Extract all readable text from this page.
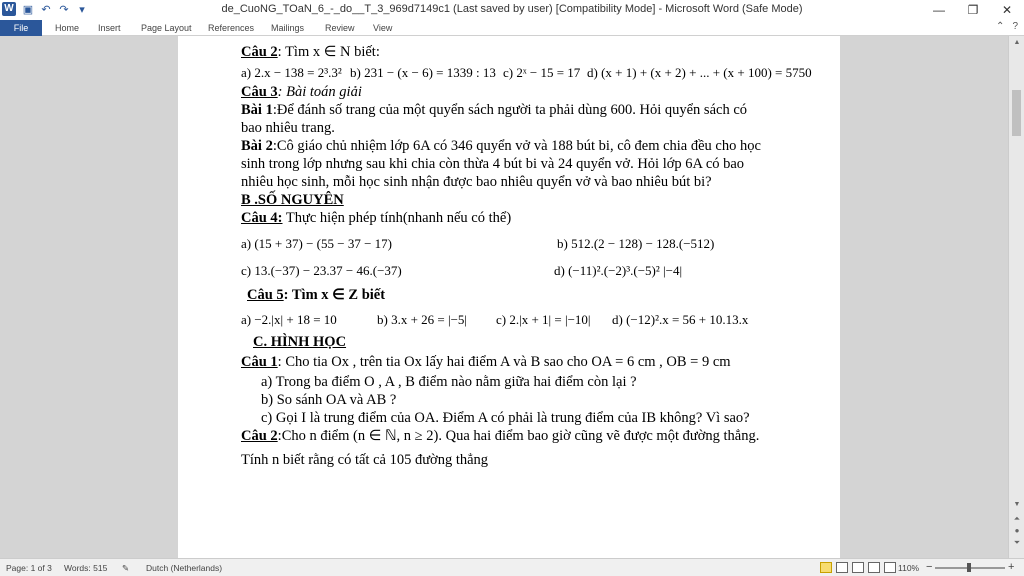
W ▣ ↶ ↷ ▾	de_CuoNG_TOaN_6_-_do__T_3_969d7149c1 (Last saved by user) [Compatibility Mode] - Microsoft Word (Safe Mode)	—	❐	✕
File	Home Insert Page Layout References Mailings Review View	⌃ ?
▲
▼
⏶
●
⏷
Câu 2: Tìm x ∈ N biết:
a) 2.x − 138 = 2³.3² b) 231 − (x − 6) = 1339 : 13 c) 2ˣ − 15 = 17 d) (x + 1) + (x + 2) + ... + (x + 100) = 5750
Câu 3: Bài toán giải
Bài 1:Để đánh số trang của một quyển sách người ta phải dùng 600. Hỏi quyển sách có
bao nhiêu trang.
Bài 2:Cô giáo chủ nhiệm lớp 6A có 346 quyển vở và 188 bút bi, cô đem chia đều cho học
sinh trong lớp nhưng sau khi chia còn thừa 4 bút bi và 24 quyển vở. Hỏi lớp 6A có bao
nhiêu học sinh, mỗi học sinh nhận được bao nhiêu quyển vở và bao nhiêu bút bi?
B .SỐ NGUYÊN
Câu 4: Thực hiện phép tính(nhanh nếu có thể)
a) (15 + 37) − (55 − 37 − 17)	b) 512.(2 − 128) − 128.(−512)
c) 13.(−37) − 23.37 − 46.(−37)	d) (−11)².(−2)³.(−5)² |−4|
Câu 5: Tìm x ∈ Z biết
a) −2.|x| + 18 = 10	b) 3.x + 26 = |−5| c) 2.|x + 1| = |−10| d) (−12)².x = 56 + 10.13.x
C. HÌNH HỌC
Câu 1: Cho tia Ox , trên tia Ox lấy hai điểm A và B sao cho OA = 6 cm , OB = 9 cm
a) Trong ba điểm O , A , B điểm nào nằm giữa hai điểm còn lại ?
b) So sánh OA và AB ?
c) Gọi I là trung điểm của OA. Điểm A có phải là trung điểm của IB không? Vì sao?
Câu 2:Cho n điểm (n ∈ ℕ, n ≥ 2). Qua hai điểm bao giờ cũng vẽ được một đường thẳng.
Tính n biết rằng có tất cả 105 đường thẳng
Page: 1 of 3 Words: 515 ✎ Dutch (Netherlands)	110% −	+
